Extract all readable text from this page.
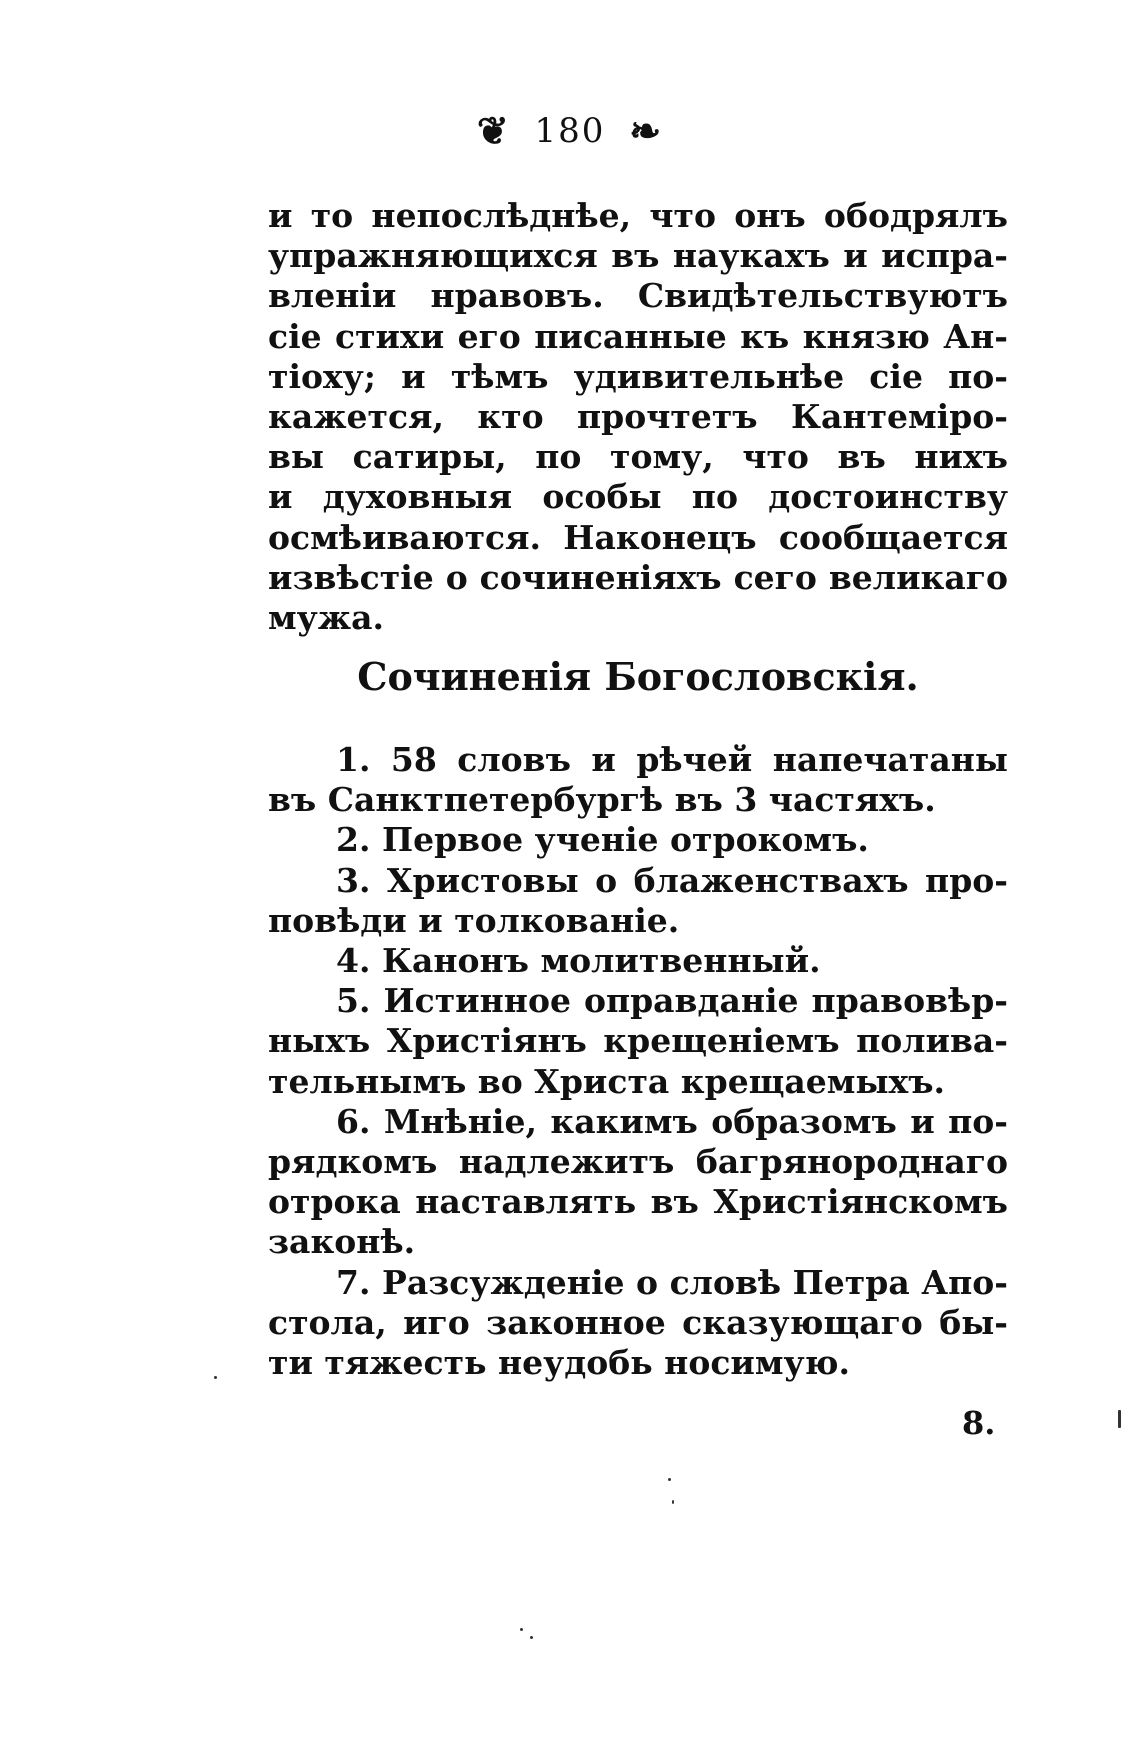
❦ 180 ❧
и то непослѣднѣе, что онъ ободрялъ
упражняющихся въ наукахъ и испра-
вленіи нравовъ. Свидѣтельствуютъ
сіе стихи его писанные къ князю Ан-
тіоху; и тѣмъ удивительнѣе сіе по-
кажется, кто прочтетъ Кантеміро-
вы сатиры, по тому, что въ нихъ
и духовныя особы по достоинству
осмѣиваются. Наконецъ сообщается
извѣстіе о сочиненіяхъ сего великаго
мужа.
Сочиненія Богословскія.
1. 58 словъ и рѣчей напечатаны
въ Санктпетербургѣ въ 3 частяхъ.
2. Первое ученіе отрокомъ.
3. Христовы о блаженствахъ про-
повѣди и толкованіе.
4. Канонъ молитвенный.
5. Истинное оправданіе правовѣр-
ныхъ Христіянъ крещеніемъ полива-
тельнымъ во Христа крещаемыхъ.
6. Мнѣніе, какимъ образомъ и по-
рядкомъ надлежитъ багрянороднаго
отрока наставлять въ Христіянскомъ
законѣ.
7. Разсужденіе о словѣ Петра Апо-
стола, иго законное сказующаго бы-
ти тяжесть неудобь носимую.
8.
